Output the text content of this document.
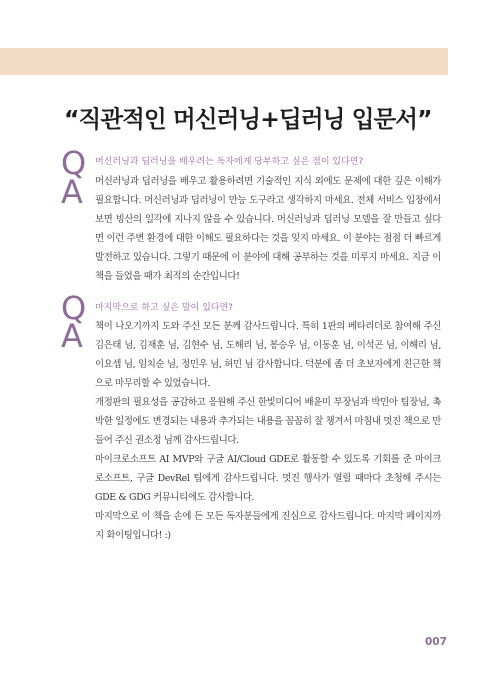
“직관적인 머신러닝+딥러닝 입문서”
Q 머신러닝과 딥러닝을 배우려는 독자에게 당부하고 싶은 점이 있다면?
A 머신러닝과 딥러닝을 배우고 활용하려면 기술적인 지식 외에도 문제에 대한 깊은 이해가 필요합니다. 머신러닝과 딥러닝이 만능 도구라고 생각하지 마세요. 전체 서비스 입장에서 보면 빙산의 일각에 지나지 않을 수 있습니다. 머신러닝과 딥러닝 모델을 잘 만들고 싶다면 이런 주변 환경에 대한 이해도 필요하다는 것을 잊지 마세요. 이 분야는 점점 더 빠르게 발전하고 있습니다. 그렇기 때문에 이 분야에 대해 공부하는 것을 미루지 마세요. 지금 이 책을 들었을 때가 최적의 순간입니다!

Q 마지막으로 하고 싶은 말이 있다면?
A 책이 나오기까지 도와 주신 모든 분께 감사드립니다. 특히 1판의 베타리더로 참여해 주신 김은태 님, 김재훈 님, 김현수 님, 도해리 님, 봉승우 님, 이동훈 님, 이석곤 님, 이해리 님, 이요셉 님, 임치순 님, 정민우 님, 허민 님 감사합니다. 덕분에 좀 더 초보자에게 친근한 책으로 마무리할 수 있었습니다.

개정판의 필요성을 공감하고 응원해 주신 한빛미디어 배윤미 부장님과 박민아 팀장님, 촉박한 일정에도 변경되는 내용과 추가되는 내용을 꼼꼼히 잘 챙겨서 마침내 멋진 책으로 만들어 주신 권소정 님께 감사드립니다.

마이크로소프트 AI MVP와 구글 AI/Cloud GDE로 활동할 수 있도록 기회를 준 마이크로소프트, 구글 DevRel 팀에게 감사드립니다. 멋진 행사가 열릴 때마다 초청해 주시는 GDE & GDG 커뮤니티에도 감사합니다.

마지막으로 이 책을 손에 든 모든 독자분들에게 진심으로 감사드립니다. 마지막 페이지까지 화이팅입니다! :)

007
